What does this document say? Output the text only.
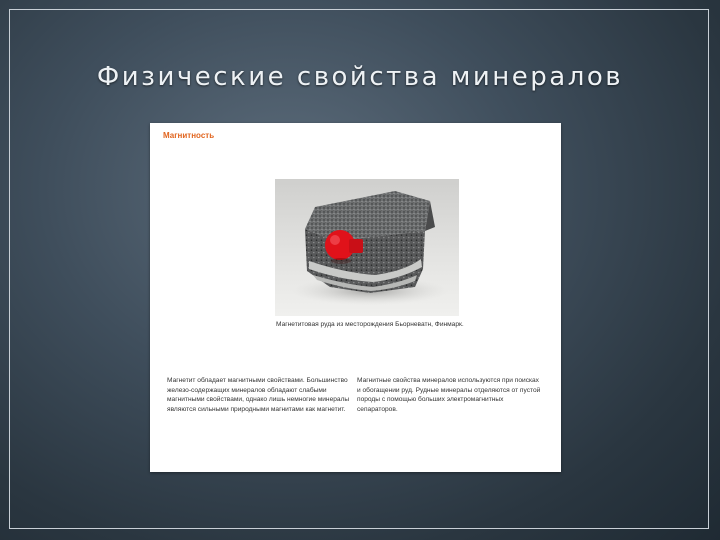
Физические свойства минералов
Магнитность
Магнетитовая руда из месторождения Бьорневатн, Финмарк.
Магнетит обладает магнитными свойствами. Большинство железо-содержащих минералов обладают слабыми магнитными свойствами, однако лишь немногие минералы являются сильными природными магнитами как магнетит.
Магнитные свойства минералов используются при поисках и обогащении руд. Рудные минералы отделяются от пустой породы с помощью больших электромагнитных сепараторов.
